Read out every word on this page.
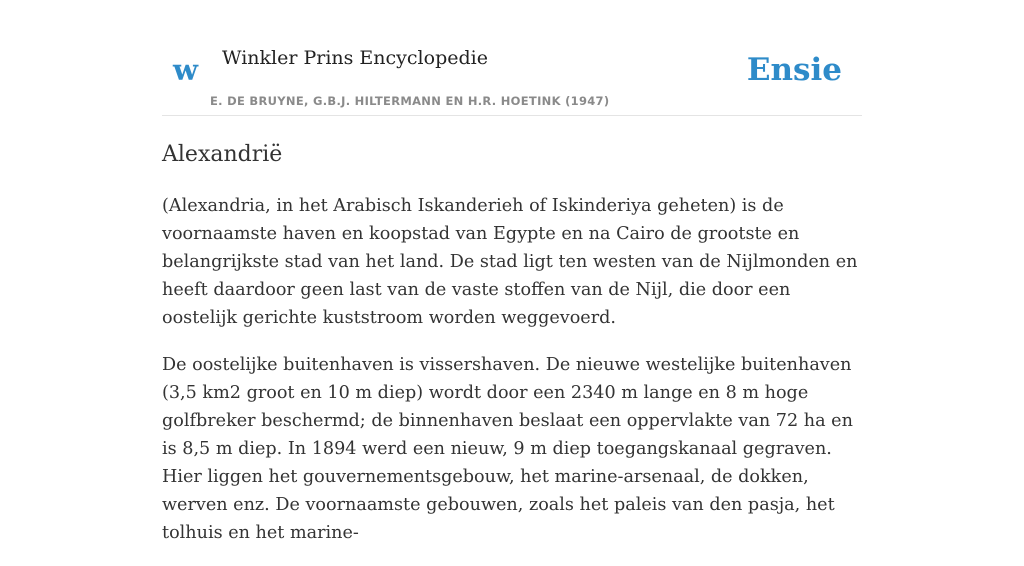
w Winkler Prins Encyclopedie
E. DE BRUYNE, G.B.J. HILTERMANN EN H.R. HOETINK (1947)
Ensie
Alexandrië

(Alexandria, in het Arabisch Iskanderieh of Iskinderiya geheten) is de voornaamste haven en koopstad van Egypte en na Cairo de grootste en belangrijkste stad van het land. De stad ligt ten westen van de Nijlmonden en heeft daardoor geen last van de vaste stoffen van de Nijl, die door een oostelijk gerichte kuststroom worden weggevoerd.

De oostelijke buitenhaven is vissershaven. De nieuwe westelijke buitenhaven (3,5 km2 groot en 10 m diep) wordt door een 2340 m lange en 8 m hoge golfbreker beschermd; de binnenhaven beslaat een oppervlakte van 72 ha en is 8,5 m diep. In 1894 werd een nieuw, 9 m diep toegangskanaal gegraven. Hier liggen het gouvernementsgebouw, het marine-arsenaal, de dokken, werven enz. De voornaamste gebouwen, zoals het paleis van den pasja, het tolhuis en het marine-
